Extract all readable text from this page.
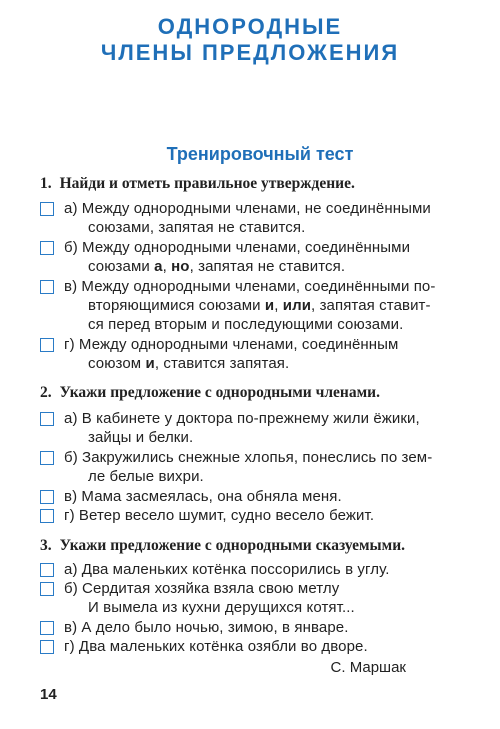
ОДНОРОДНЫЕ
ЧЛЕНЫ ПРЕДЛОЖЕНИЯ
Тренировочный тест
1. Найди и отметь правильное утверждение.
а) Между однородными членами, не соединёнными
союзами, запятая не ставится.
б) Между однородными членами, соединёнными
союзами а, но, запятая не ставится.
в) Между однородными членами, соединёнными по-
вторяющимися союзами и, или, запятая ставит-
ся перед вторым и последующими союзами.
г) Между однородными членами, соединённым
союзом и, ставится запятая.
2. Укажи предложение с однородными членами.
а) В кабинете у доктора по-прежнему жили ёжики,
зайцы и белки.
б) Закружились снежные хлопья, понеслись по зем-
ле белые вихри.
в) Мама засмеялась, она обняла меня.
г) Ветер весело шумит, судно весело бежит.
3. Укажи предложение с однородными сказуемыми.
а) Два маленьких котёнка поссорились в углу.
б) Сердитая хозяйка взяла свою метлу
И вымела из кухни дерущихся котят...
в) А дело было ночью, зимою, в январе.
г) Два маленьких котёнка озябли во дворе.
С. Маршак
14
